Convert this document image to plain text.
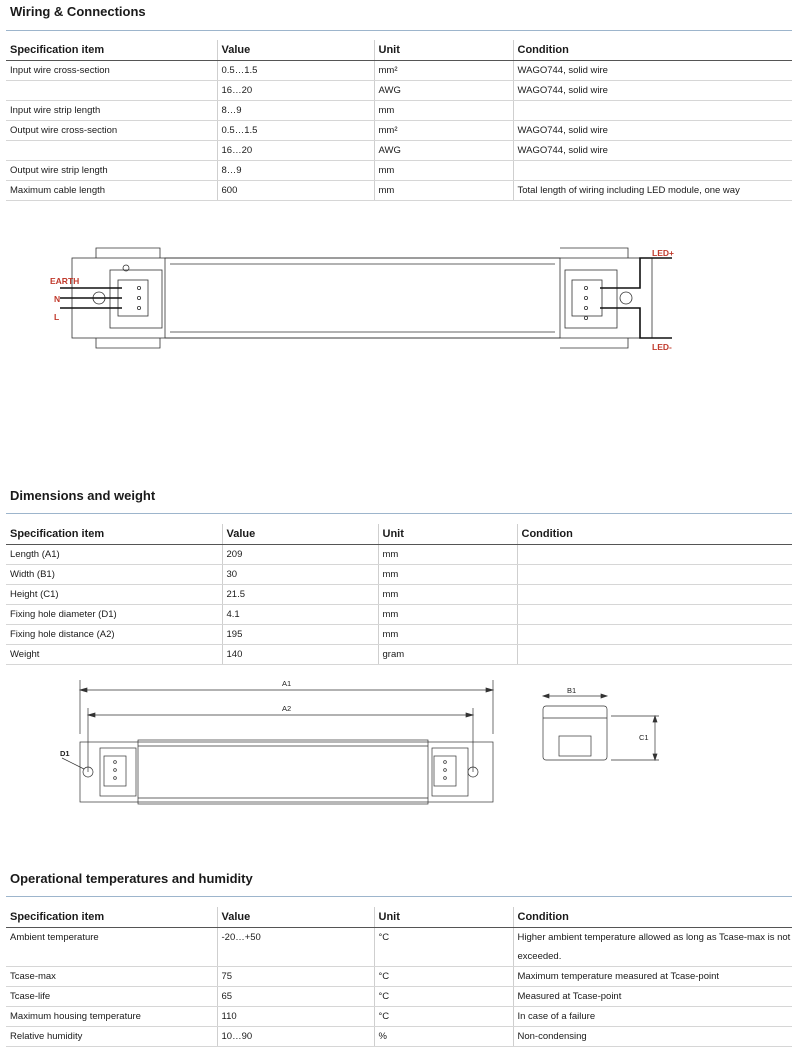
Wiring & Connections
Specification item	Value	Unit	Condition
Input wire cross-section	0.5…1.5	mm²	WAGO744, solid wire
	16…20	AWG	WAGO744, solid wire
Input wire strip length	8…9	mm	
Output wire cross-section	0.5…1.5	mm²	WAGO744, solid wire
	16…20	AWG	WAGO744, solid wire
Output wire strip length	8…9	mm	
Maximum cable length	600	mm	Total length of wiring including LED module, one way
EARTH
N
L
LED+
LED-
Dimensions and weight
Specification item	Value	Unit	Condition
Length (A1)	209	mm	
Width (B1)	30	mm	
Height (C1)	21.5	mm	
Fixing hole diameter (D1)	4.1	mm	
Fixing hole distance (A2)	195	mm	
Weight	140	gram	
A1
A2
D1
B1
C1
Operational temperatures and humidity
Specification item	Value	Unit	Condition
Ambient temperature	-20…+50	°C	Higher ambient temperature allowed as long as Tcase-max is not exceeded.
Tcase-max	75	°C	Maximum temperature measured at Tcase-point
Tcase-life	65	°C	Measured at Tcase-point
Maximum housing temperature	110	°C	In case of a failure
Relative humidity	10…90	%	Non-condensing
